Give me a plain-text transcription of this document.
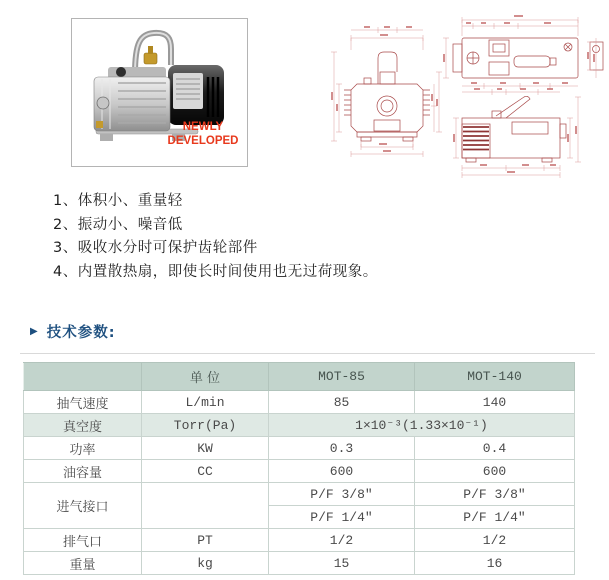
NEWLY
DEVELOPED
1、体积小、重量轻
2、振动小、噪音低
3、吸收水分时可保护齿轮部件
4、内置散热扇，即使长时间使用也无过荷现象。
▶ 技术参数:
	单 位	MOT-85	MOT-140
抽气速度	L/min	85	140
真空度	Torr(Pa)	1×10⁻³(1.33×10⁻¹)	
功率	KW	0.3	0.4
油容量	CC	600	600
进气接口		P/F 3/8″	P/F 3/8″
		P/F 1/4″	P/F 1/4″
排气口	PT	1/2	1/2
重量	kg	15	16
